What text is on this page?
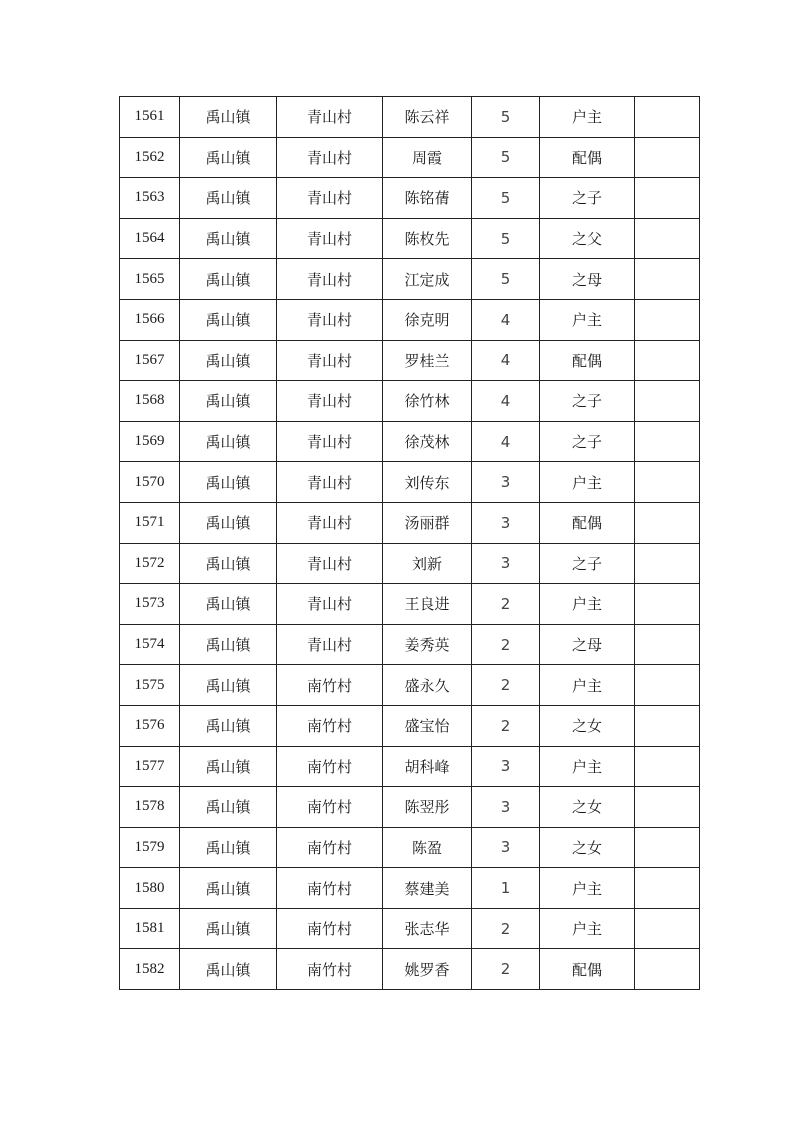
1561	禹山镇	青山村	陈云祥	5	户主	
1562	禹山镇	青山村	周霞	5	配偶	
1563	禹山镇	青山村	陈铭蒨	5	之子	
1564	禹山镇	青山村	陈枚先	5	之父	
1565	禹山镇	青山村	江定成	5	之母	
1566	禹山镇	青山村	徐克明	4	户主	
1567	禹山镇	青山村	罗桂兰	4	配偶	
1568	禹山镇	青山村	徐竹林	4	之子	
1569	禹山镇	青山村	徐茂林	4	之子	
1570	禹山镇	青山村	刘传东	3	户主	
1571	禹山镇	青山村	汤丽群	3	配偶	
1572	禹山镇	青山村	刘新	3	之子	
1573	禹山镇	青山村	王良进	2	户主	
1574	禹山镇	青山村	姜秀英	2	之母	
1575	禹山镇	南竹村	盛永久	2	户主	
1576	禹山镇	南竹村	盛宝怡	2	之女	
1577	禹山镇	南竹村	胡科峰	3	户主	
1578	禹山镇	南竹村	陈翌彤	3	之女	
1579	禹山镇	南竹村	陈盈	3	之女	
1580	禹山镇	南竹村	蔡建美	1	户主	
1581	禹山镇	南竹村	张志华	2	户主	
1582	禹山镇	南竹村	姚罗香	2	配偶	
